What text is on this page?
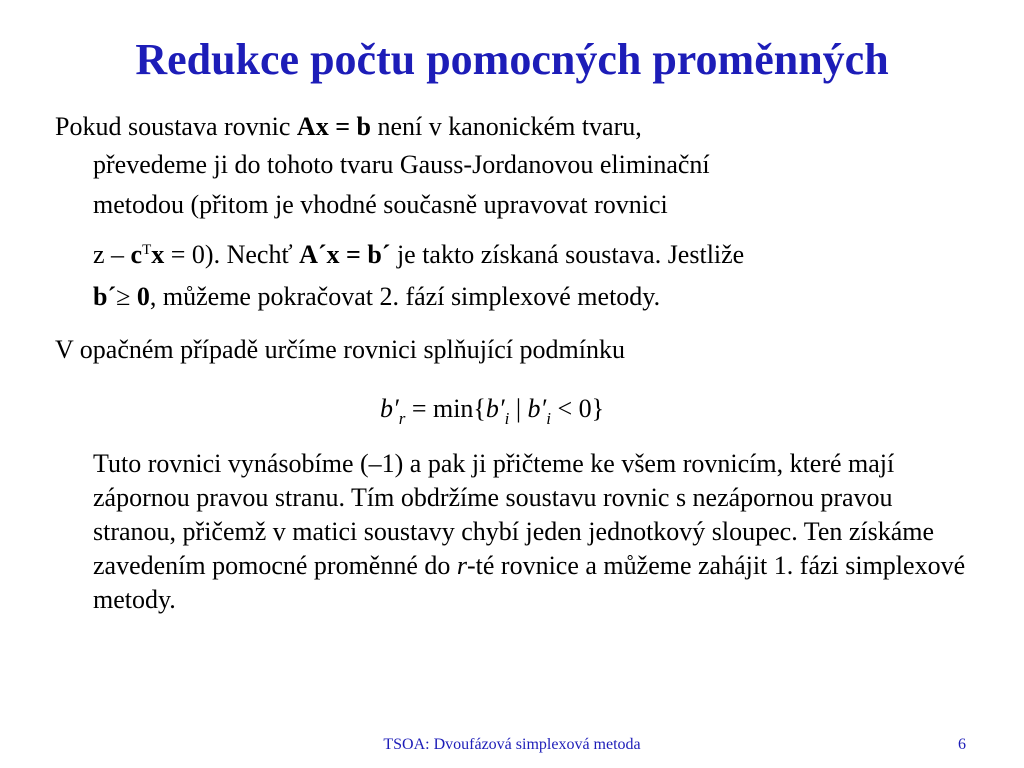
Redukce počtu pomocných proměnných
Pokud soustava rovnic Ax = b není v kanonickém tvaru,
převedeme ji do tohoto tvaru Gauss-Jordanovou eliminační
metodou (přitom je vhodné současně upravovat rovnici
$z - c^Tx = 0$). Nechť A´x = b´ je takto získaná soustava. Jestliže
b´≥ 0, můžeme pokračovat 2. fází simplexové metody.
V opačném případě určíme rovnici splňující podmínku
$b'_r = \min\{b'_i$ | $b'_i < 0$}
Tuto rovnici vynásobíme (–1) a pak ji přičteme ke všem rovnicím, které mají zápornou pravou stranu. Tím obdržíme soustavu rovnic s nezápornou pravou stranou, přičemž v matici soustavy chybí jeden jednotkový sloupec. Ten získáme zavedením pomocné proměnné do r-té rovnice a můžeme zahájit 1. fázi simplexové metody.
TSOA: Dvoufázová simplexová metoda	6
